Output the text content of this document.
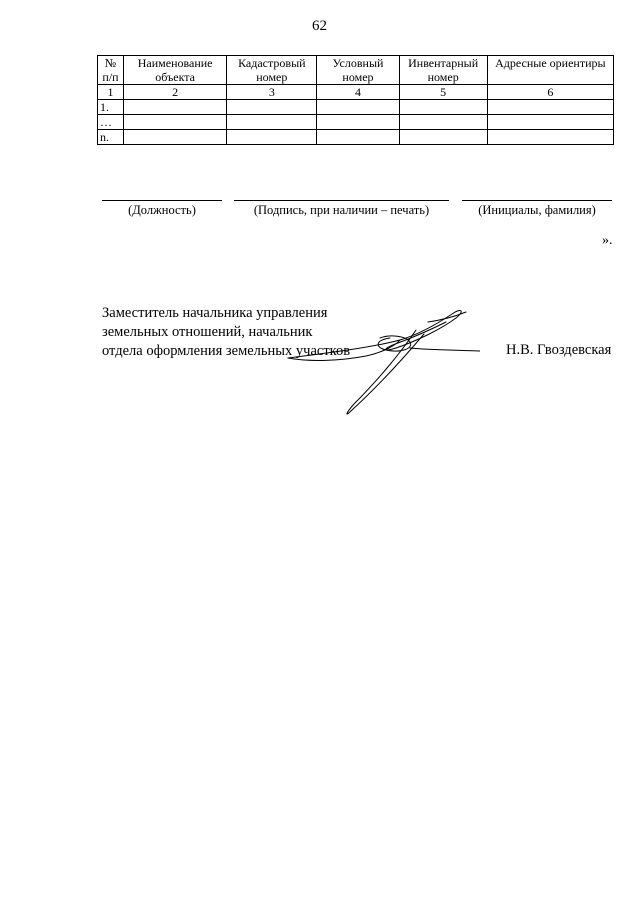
62
№ п/п	Наименование объекта	Кадастровый номер	Условный номер	Инвентарный номер	Адресные ориентиры
1	2	3	4	5	6
1.					
…					
n.					
(Должность)	(Подпись, при наличии – печать)	(Инициалы, фамилия)
».
Заместитель начальника управления
земельных отношений, начальник
отдела оформления земельных участков	Н.В. Гвоздевская
